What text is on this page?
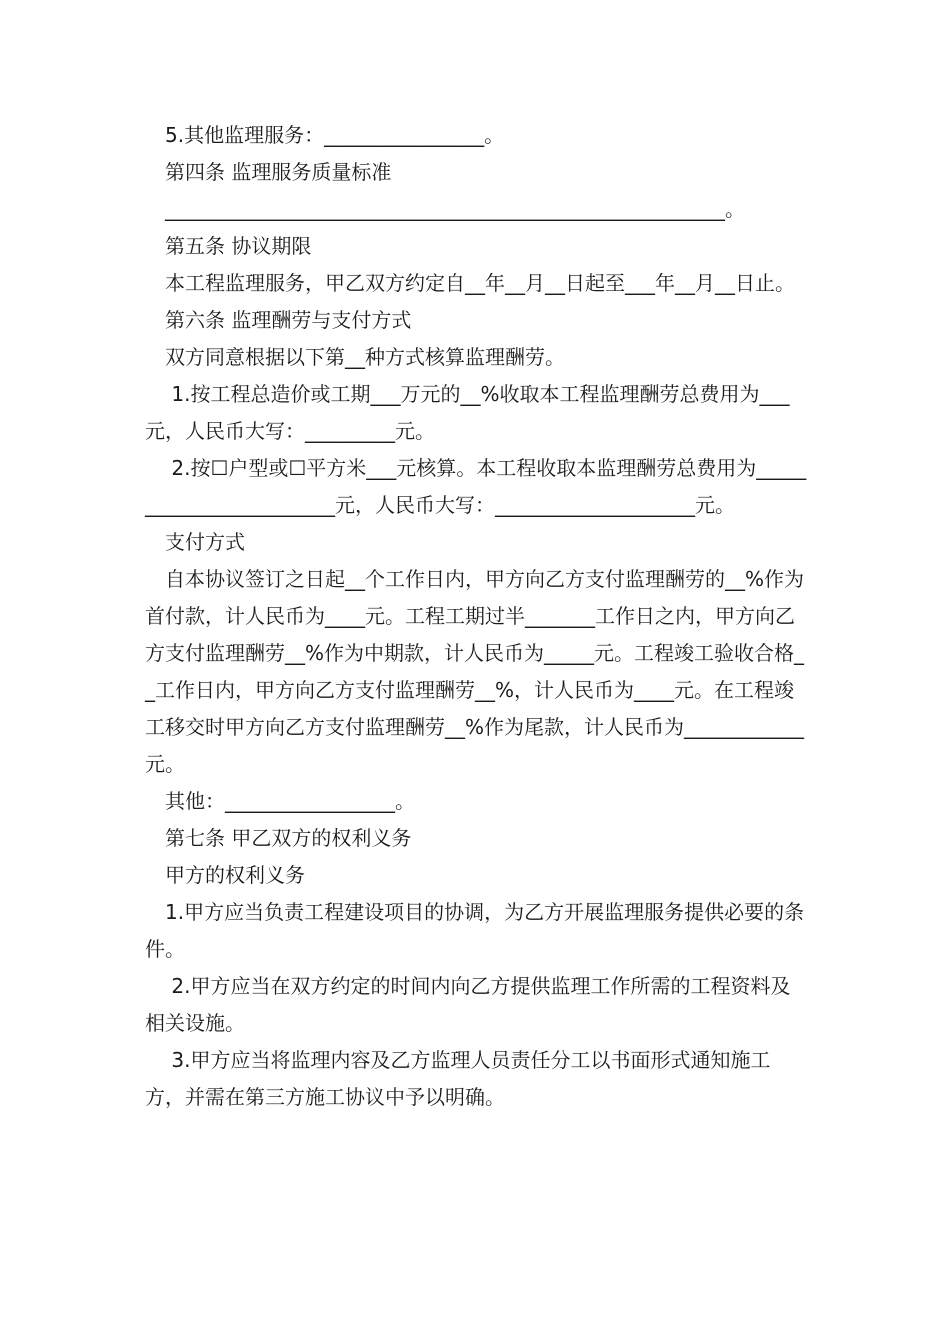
5.其他监理服务：________________。

第四条 监理服务质量标准

________________________________________________________。

第五条 协议期限

本工程监理服务，甲乙双方约定自__年__月__日起至___年__月__日止。

第六条 监理酬劳与支付方式

双方同意根据以下第__种方式核算监理酬劳。

1.按工程总造价或工期___万元的__%收取本工程监理酬劳总费用为___元，人民币大写：_________元。

2.按☐户型或☐平方米___元核算。本工程收取本监理酬劳总费用为________________________元，人民币大写：____________________元。

支付方式

自本协议签订之日起__个工作日内，甲方向乙方支付监理酬劳的__%作为首付款，计人民币为____元。工程工期过半_______工作日之内，甲方向乙方支付监理酬劳__%作为中期款，计人民币为_____元。工程竣工验收合格__工作日内，甲方向乙方支付监理酬劳__%，计人民币为____元。在工程竣工移交时甲方向乙方支付监理酬劳__%作为尾款，计人民币为____________元。

其他：_________________。

第七条 甲乙双方的权利义务

甲方的权利义务

1.甲方应当负责工程建设项目的协调，为乙方开展监理服务提供必要的条件。

2.甲方应当在双方约定的时间内向乙方提供监理工作所需的工程资料及相关设施。

3.甲方应当将监理内容及乙方监理人员责任分工以书面形式通知施工方，并需在第三方施工协议中予以明确。
